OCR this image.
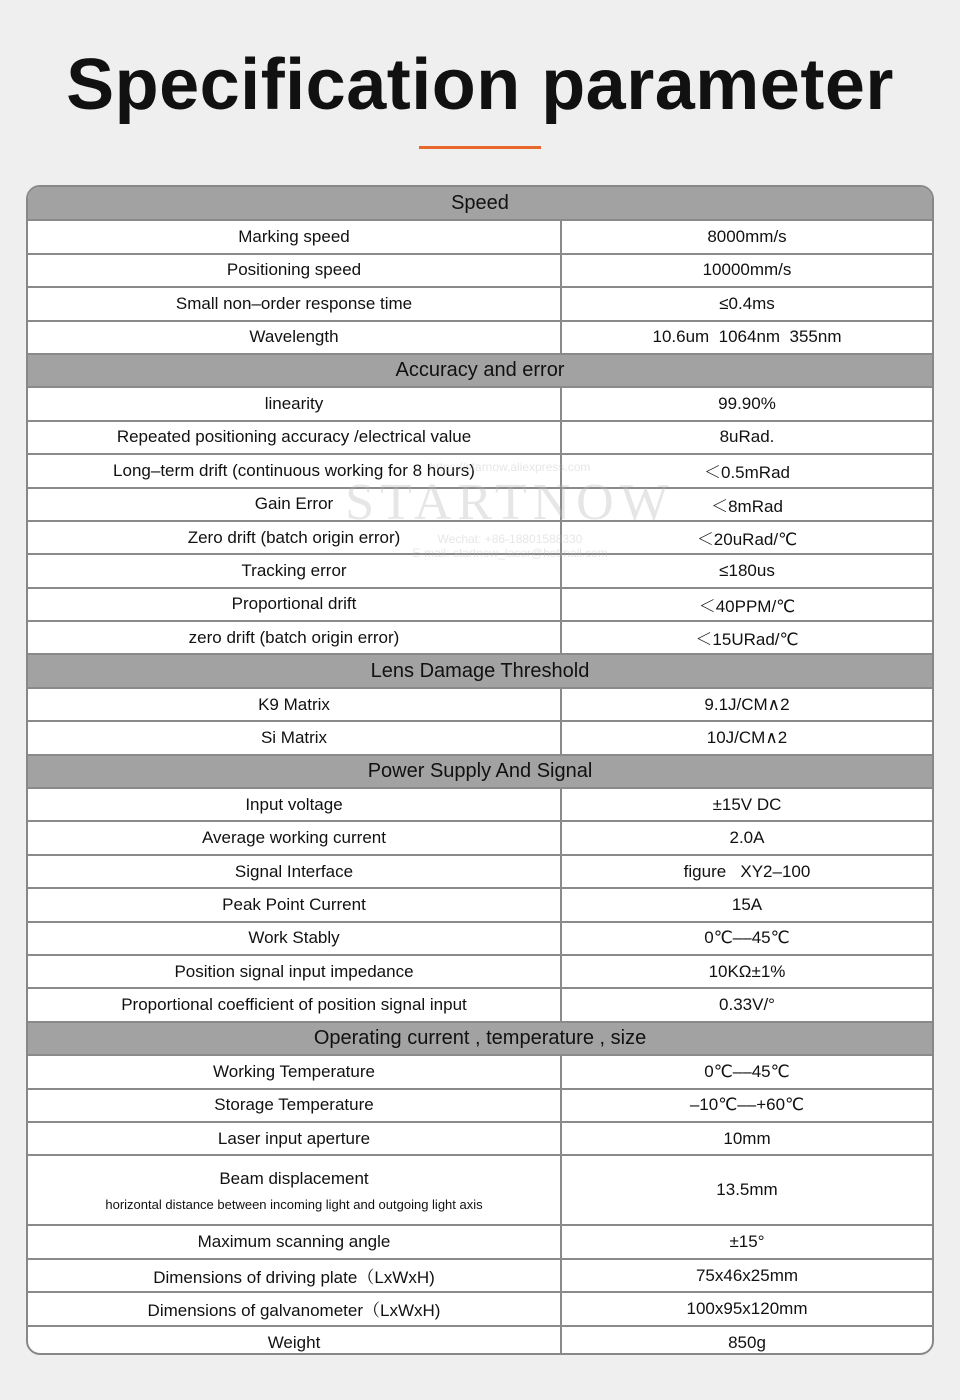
Specification parameter
Speed	
Marking speed	8000mm/s
Positioning speed	10000mm/s
Small non–order response time	≤0.4ms
Wavelength	10.6um  1064nm  355nm
Accuracy and error	
linearity	99.90%
Repeated positioning accuracy /electrical value	8uRad.
Long–term drift (continuous working for 8 hours)	＜0.5mRad
Gain Error	＜8mRad
Zero drift (batch origin error)	＜20uRad/℃
Tracking error	≤180us
Proportional drift	＜40PPM/℃
zero drift (batch origin error)	＜15URad/℃
Lens Damage Threshold	
K9 Matrix	9.1J/CM∧2
Si Matrix	10J/CM∧2
Power Supply And Signal	
Input voltage	±15V DC
Average working current	2.0A
Signal Interface	figure   XY2–100
Peak Point Current	15A
Work Stably	0℃––45℃
Position signal input impedance	10KΩ±1%
Proportional coefficient of position signal input	0.33V/°
Operating current , temperature , size	
Working Temperature	0℃––45℃
Storage Temperature	–10℃––+60℃
Laser input aperture	10mm
Beam displacement
horizontal distance between incoming light and outgoing light axis	13.5mm
Maximum scanning angle	±15°
Dimensions of driving plate（LxWxH)	75x46x25mm
Dimensions of galvanometer（LxWxH)	100x95x120mm
Weight	850g
https://starnow.aliexpress.com
STARTNOW
Wechat: +86-18801588330
E-mail: startnow_laser@hotmail.com
